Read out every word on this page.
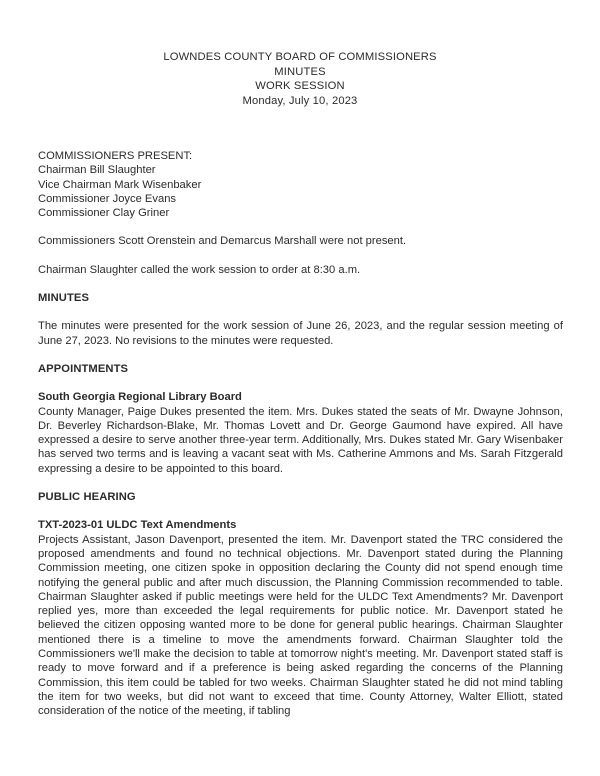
LOWNDES COUNTY BOARD OF COMMISSIONERS
MINUTES
WORK SESSION
Monday, July 10, 2023
COMMISSIONERS PRESENT:
Chairman Bill Slaughter
Vice Chairman Mark Wisenbaker
Commissioner Joyce Evans
Commissioner Clay Griner
Commissioners Scott Orenstein and Demarcus Marshall were not present.
Chairman Slaughter called the work session to order at 8:30 a.m.
MINUTES

The minutes were presented for the work session of June 26, 2023, and the regular session meeting of June 27, 2023. No revisions to the minutes were requested.

APPOINTMENTS
South Georgia Regional Library Board

County Manager, Paige Dukes presented the item. Mrs. Dukes stated the seats of Mr. Dwayne Johnson, Dr. Beverley Richardson-Blake, Mr. Thomas Lovett and Dr. George Gaumond have expired. All have expressed a desire to serve another three-year term. Additionally, Mrs. Dukes stated Mr. Gary Wisenbaker has served two terms and is leaving a vacant seat with Ms. Catherine Ammons and Ms. Sarah Fitzgerald expressing a desire to be appointed to this board.

PUBLIC HEARING
TXT-2023-01 ULDC Text Amendments

Projects Assistant, Jason Davenport, presented the item. Mr. Davenport stated the TRC considered the proposed amendments and found no technical objections. Mr. Davenport stated during the Planning Commission meeting, one citizen spoke in opposition declaring the County did not spend enough time notifying the general public and after much discussion, the Planning Commission recommended to table. Chairman Slaughter asked if public meetings were held for the ULDC Text Amendments? Mr. Davenport replied yes, more than exceeded the legal requirements for public notice. Mr. Davenport stated he believed the citizen opposing wanted more to be done for general public hearings. Chairman Slaughter mentioned there is a timeline to move the amendments forward. Chairman Slaughter told the Commissioners we'll make the decision to table at tomorrow night's meeting. Mr. Davenport stated staff is ready to move forward and if a preference is being asked regarding the concerns of the Planning Commission, this item could be tabled for two weeks. Chairman Slaughter stated he did not mind tabling the item for two weeks, but did not want to exceed that time. County Attorney, Walter Elliott, stated consideration of the notice of the meeting, if tabling
